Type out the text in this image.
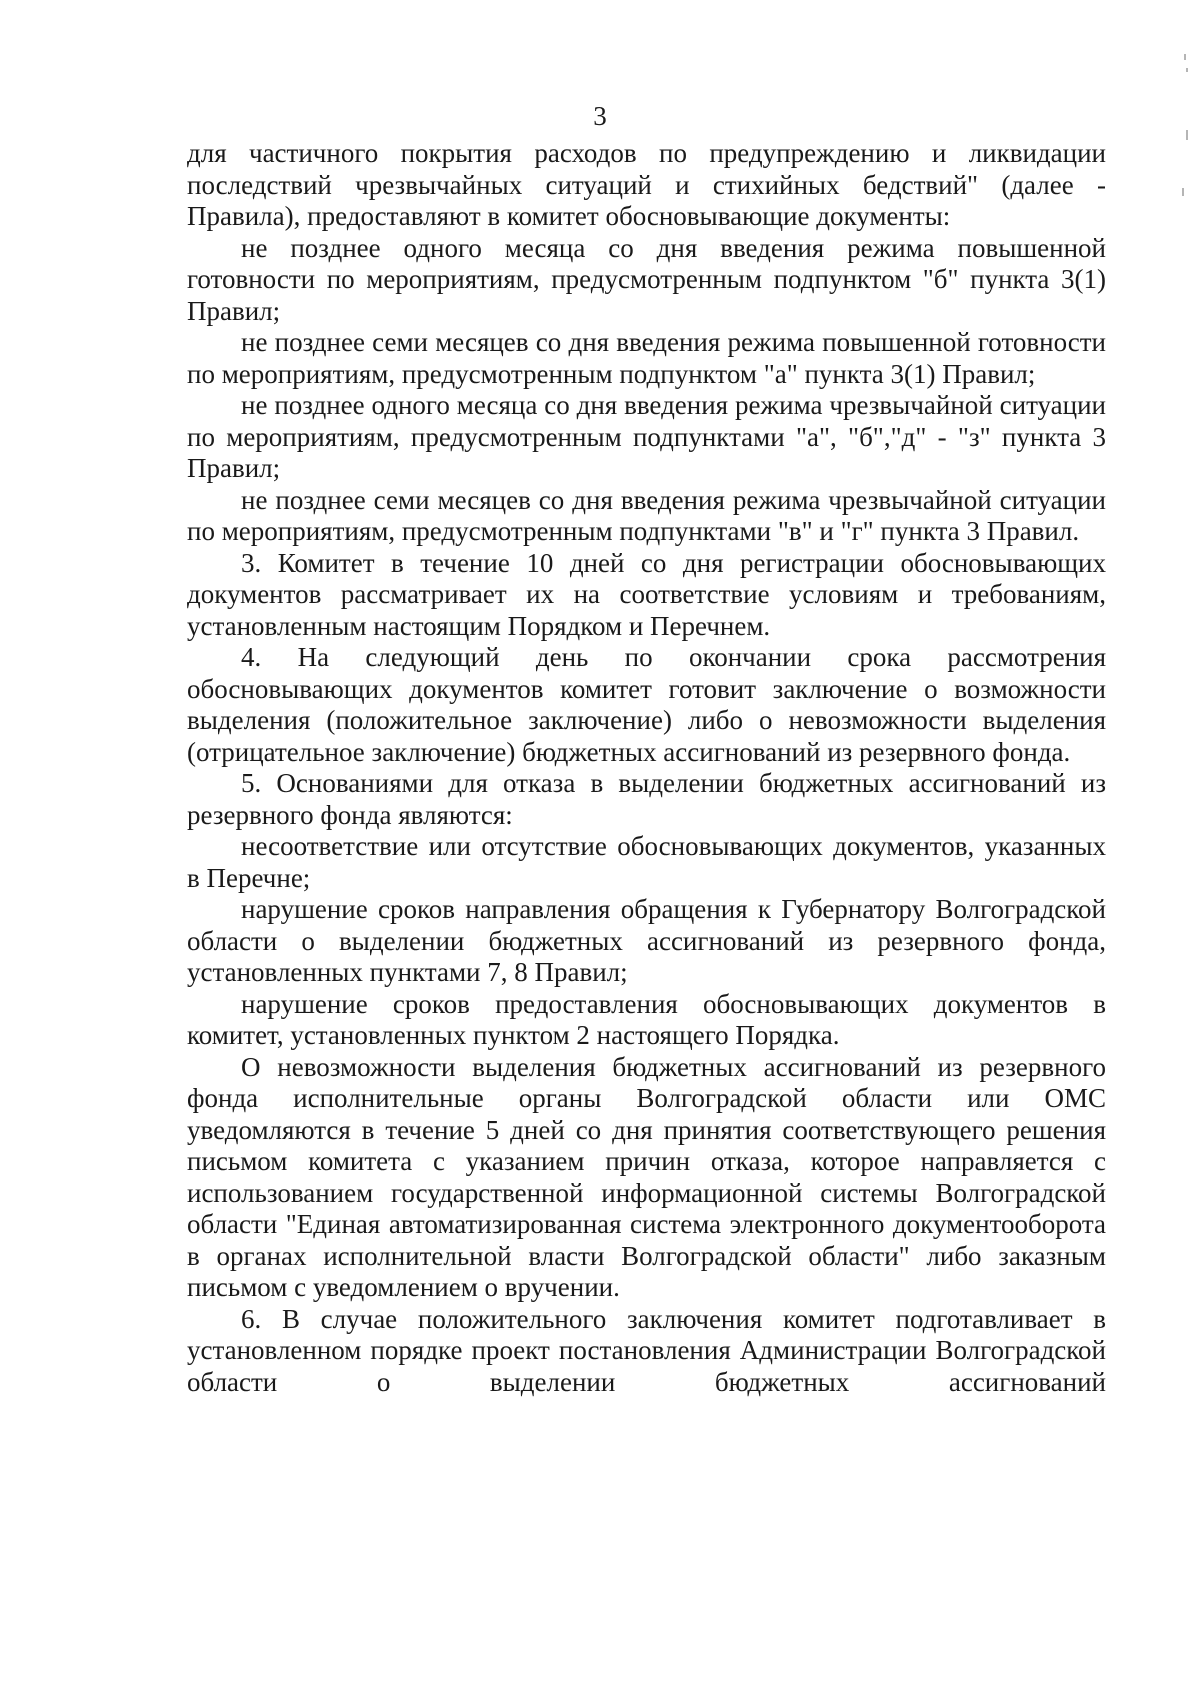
3

для частичного покрытия расходов по предупреждению и ликвидации последствий чрезвычайных ситуаций и стихийных бедствий" (далее - Правила), предоставляют в комитет обосновывающие документы:

не позднее одного месяца со дня введения режима повышенной готовности по мероприятиям, предусмотренным подпунктом "б" пункта 3(1) Правил;

не позднее семи месяцев со дня введения режима повышенной готовности по мероприятиям, предусмотренным подпунктом "а" пункта 3(1) Правил;

не позднее одного месяца со дня введения режима чрезвычайной ситуации по мероприятиям, предусмотренным подпунктами "а", "б","д" - "з" пункта 3 Правил;

не позднее семи месяцев со дня введения режима чрезвычайной ситуации по мероприятиям, предусмотренным подпунктами "в" и "г" пункта 3 Правил.

3. Комитет в течение 10 дней со дня регистрации обосновывающих документов рассматривает их на соответствие условиям и требованиям, установленным настоящим Порядком и Перечнем.

4. На следующий день по окончании срока рассмотрения обосновывающих документов комитет готовит заключение о возможности выделения (положительное заключение) либо о невозможности выделения (отрицательное заключение) бюджетных ассигнований из резервного фонда.

5. Основаниями для отказа в выделении бюджетных ассигнований из резервного фонда являются:

несоответствие или отсутствие обосновывающих документов, указанных в Перечне;

нарушение сроков направления обращения к Губернатору Волгоградской области о выделении бюджетных ассигнований из резервного фонда, установленных пунктами 7, 8 Правил;

нарушение сроков предоставления обосновывающих документов в комитет, установленных пунктом 2 настоящего Порядка.

О невозможности выделения бюджетных ассигнований из резервного фонда исполнительные органы Волгоградской области или ОМС уведомляются в течение 5 дней со дня принятия соответствующего решения письмом комитета с указанием причин отказа, которое направляется с использованием государственной информационной системы Волгоградской области "Единая автоматизированная система электронного документооборота в органах исполнительной власти Волгоградской области" либо заказным письмом с уведомлением о вручении.

6. В случае положительного заключения комитет подготавливает в установленном порядке проект постановления Администрации Волгоградской области о выделении бюджетных ассигнований
